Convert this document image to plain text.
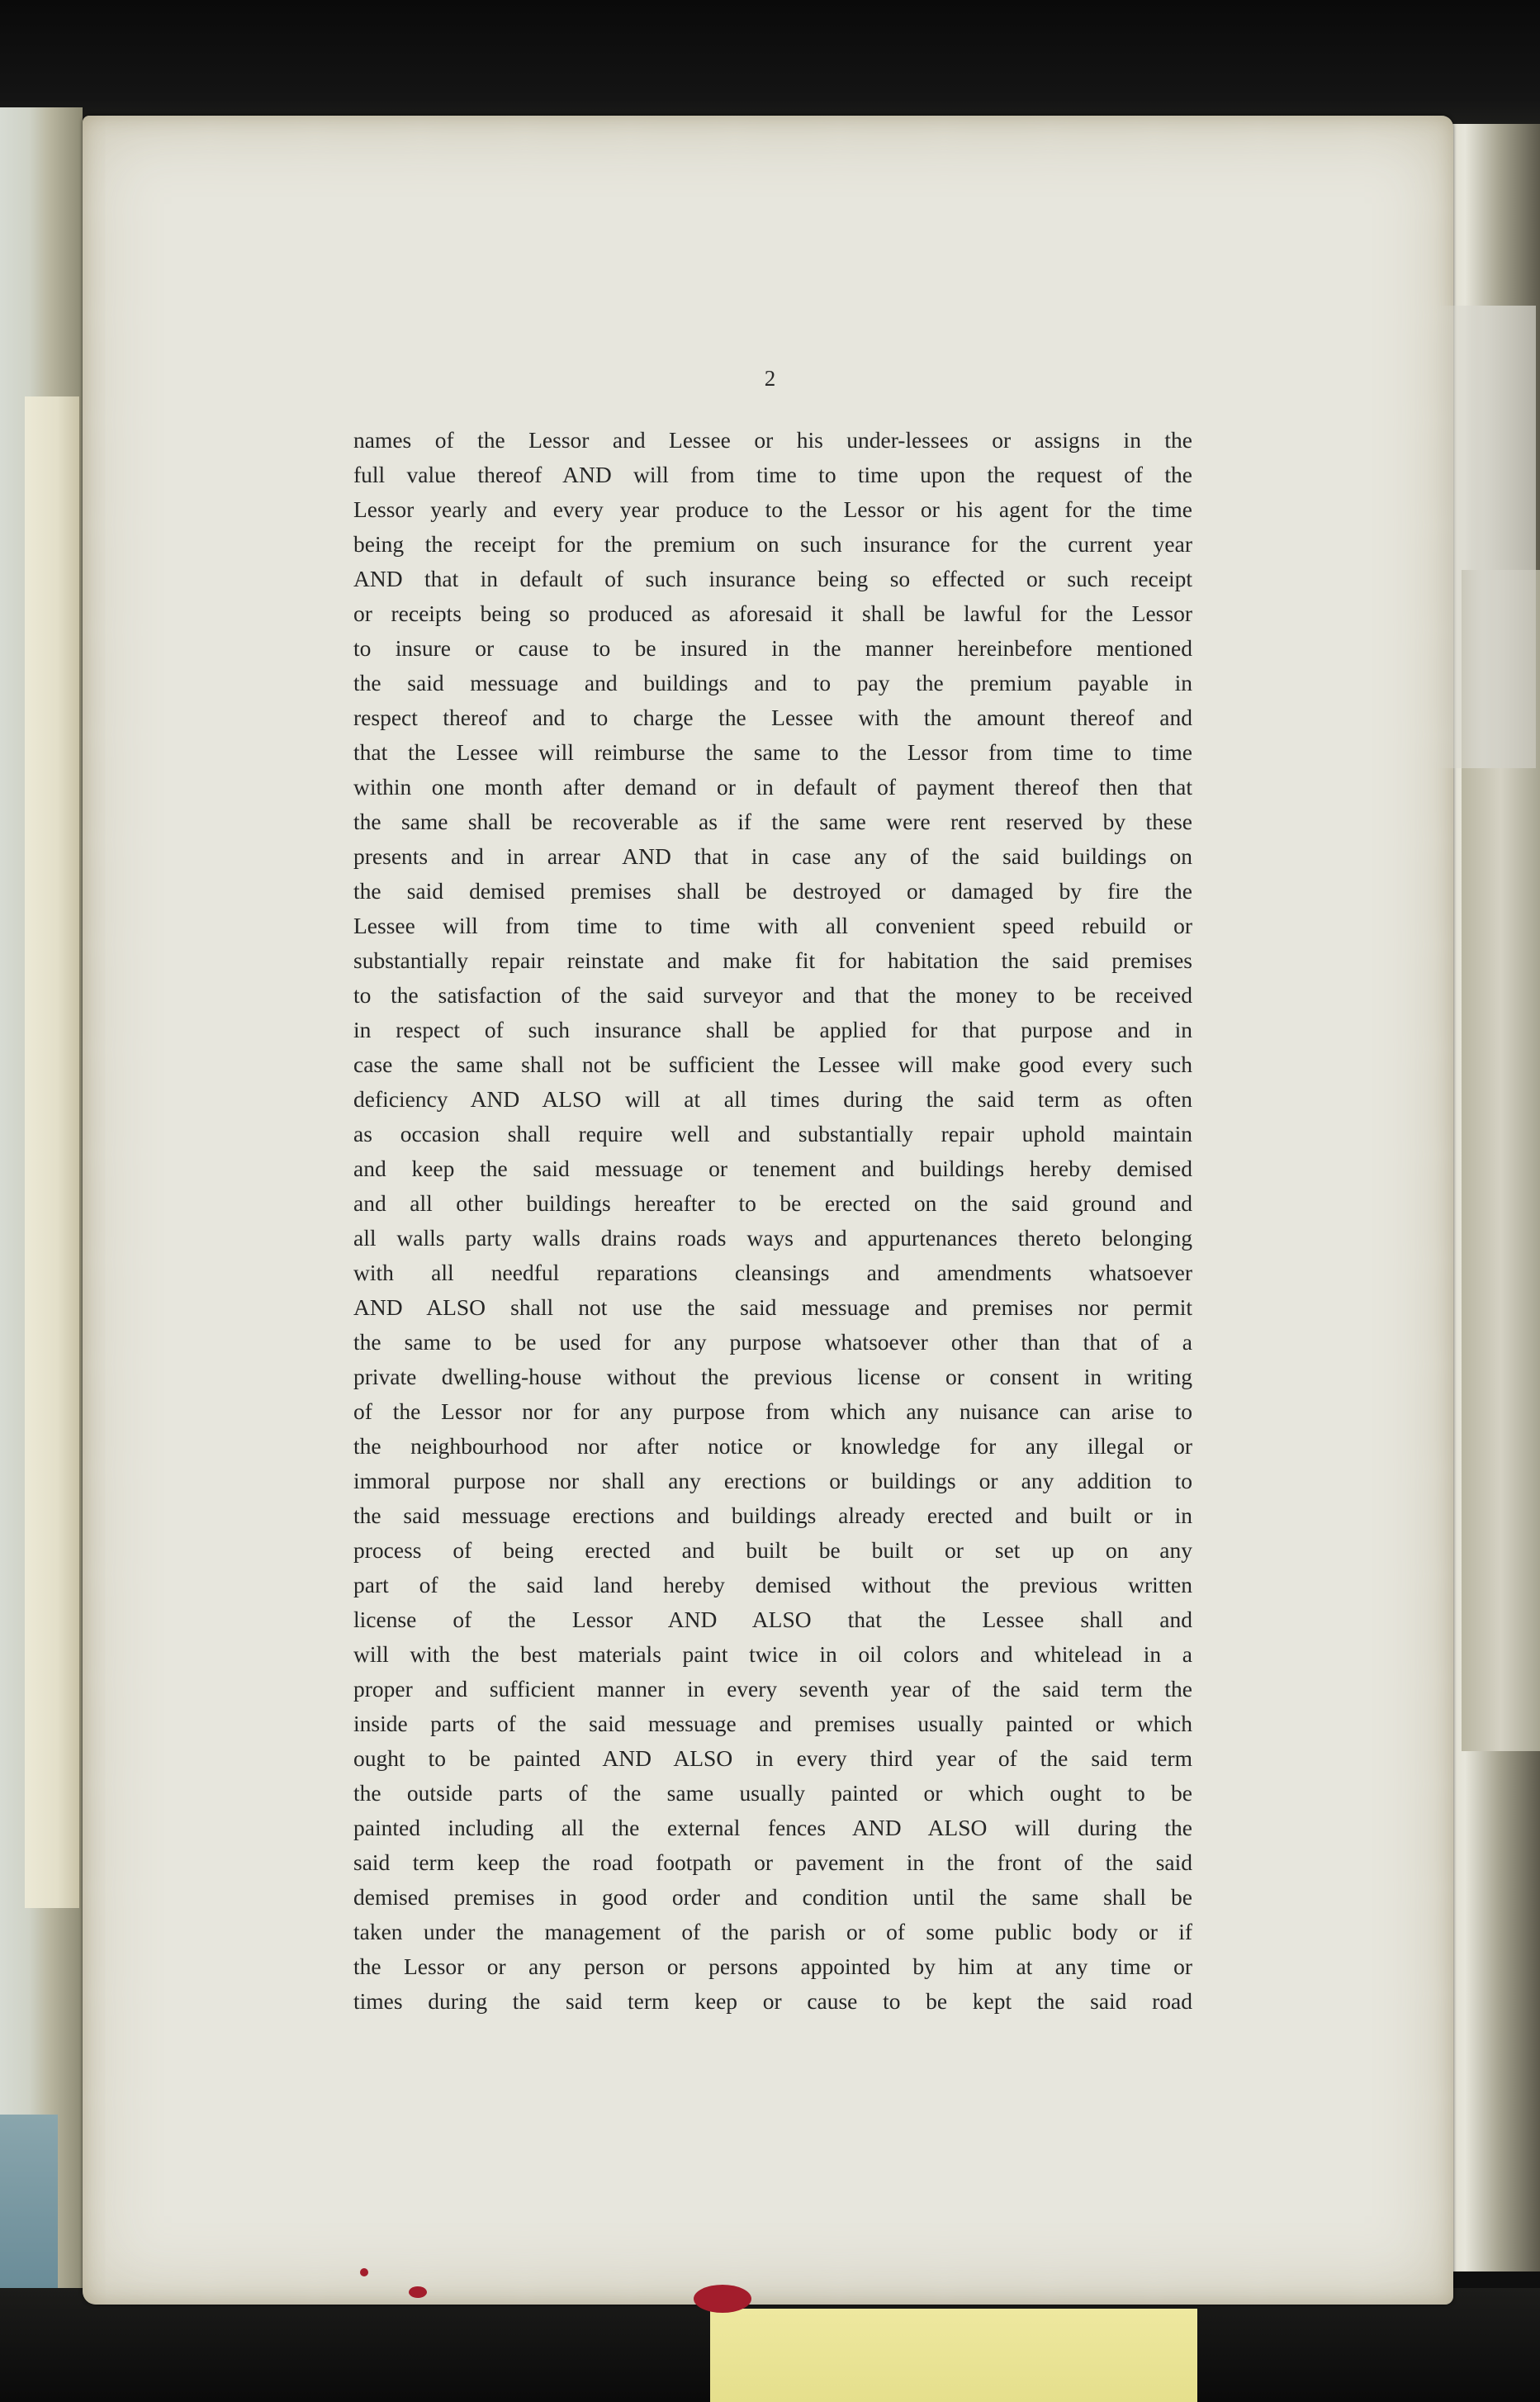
2
names of the Lessor and Lessee or his under-lessees or assigns in the
full value thereof AND will from time to time upon the request of the
Lessor yearly and every year produce to the Lessor or his agent for the time
being the receipt for the premium on such insurance for the current year
AND that in default of such insurance being so effected or such receipt
or receipts being so produced as aforesaid it shall be lawful for the Lessor
to insure or cause to be insured in the manner hereinbefore mentioned
the said messuage and buildings and to pay the premium payable in
respect thereof and to charge the Lessee with the amount thereof and
that the Lessee will reimburse the same to the Lessor from time to time
within one month after demand or in default of payment thereof then that
the same shall be recoverable as if the same were rent reserved by these
presents and in arrear AND that in case any of the said buildings on
the said demised premises shall be destroyed or damaged by fire the
Lessee will from time to time with all convenient speed rebuild or
substantially repair reinstate and make fit for habitation the said premises
to the satisfaction of the said surveyor and that the money to be received
in respect of such insurance shall be applied for that purpose and in
case the same shall not be sufficient the Lessee will make good every such
deficiency AND ALSO will at all times during the said term as often
as occasion shall require well and substantially repair uphold maintain
and keep the said messuage or tenement and buildings hereby demised
and all other buildings hereafter to be erected on the said ground and
all walls party walls drains roads ways and appurtenances thereto belonging
with all needful reparations cleansings and amendments whatsoever
AND ALSO shall not use the said messuage and premises nor permit
the same to be used for any purpose whatsoever other than that of a
private dwelling-house without the previous license or consent in writing
of the Lessor nor for any purpose from which any nuisance can arise to
the neighbourhood nor after notice or knowledge for any illegal or
immoral purpose nor shall any erections or buildings or any addition to
the said messuage erections and buildings already erected and built or in
process of being erected and built be built or set up on any
part of the said land hereby demised without the previous written
license of the Lessor AND ALSO that the Lessee shall and
will with the best materials paint twice in oil colors and whitelead in a
proper and sufficient manner in every seventh year of the said term the
inside parts of the said messuage and premises usually painted or which
ought to be painted AND ALSO in every third year of the said term
the outside parts of the same usually painted or which ought to be
painted including all the external fences AND ALSO will during the
said term keep the road footpath or pavement in the front of the said
demised premises in good order and condition until the same shall be
taken under the management of the parish or of some public body or if
the Lessor or any person or persons appointed by him at any time or
times during the said term keep or cause to be kept the said road
